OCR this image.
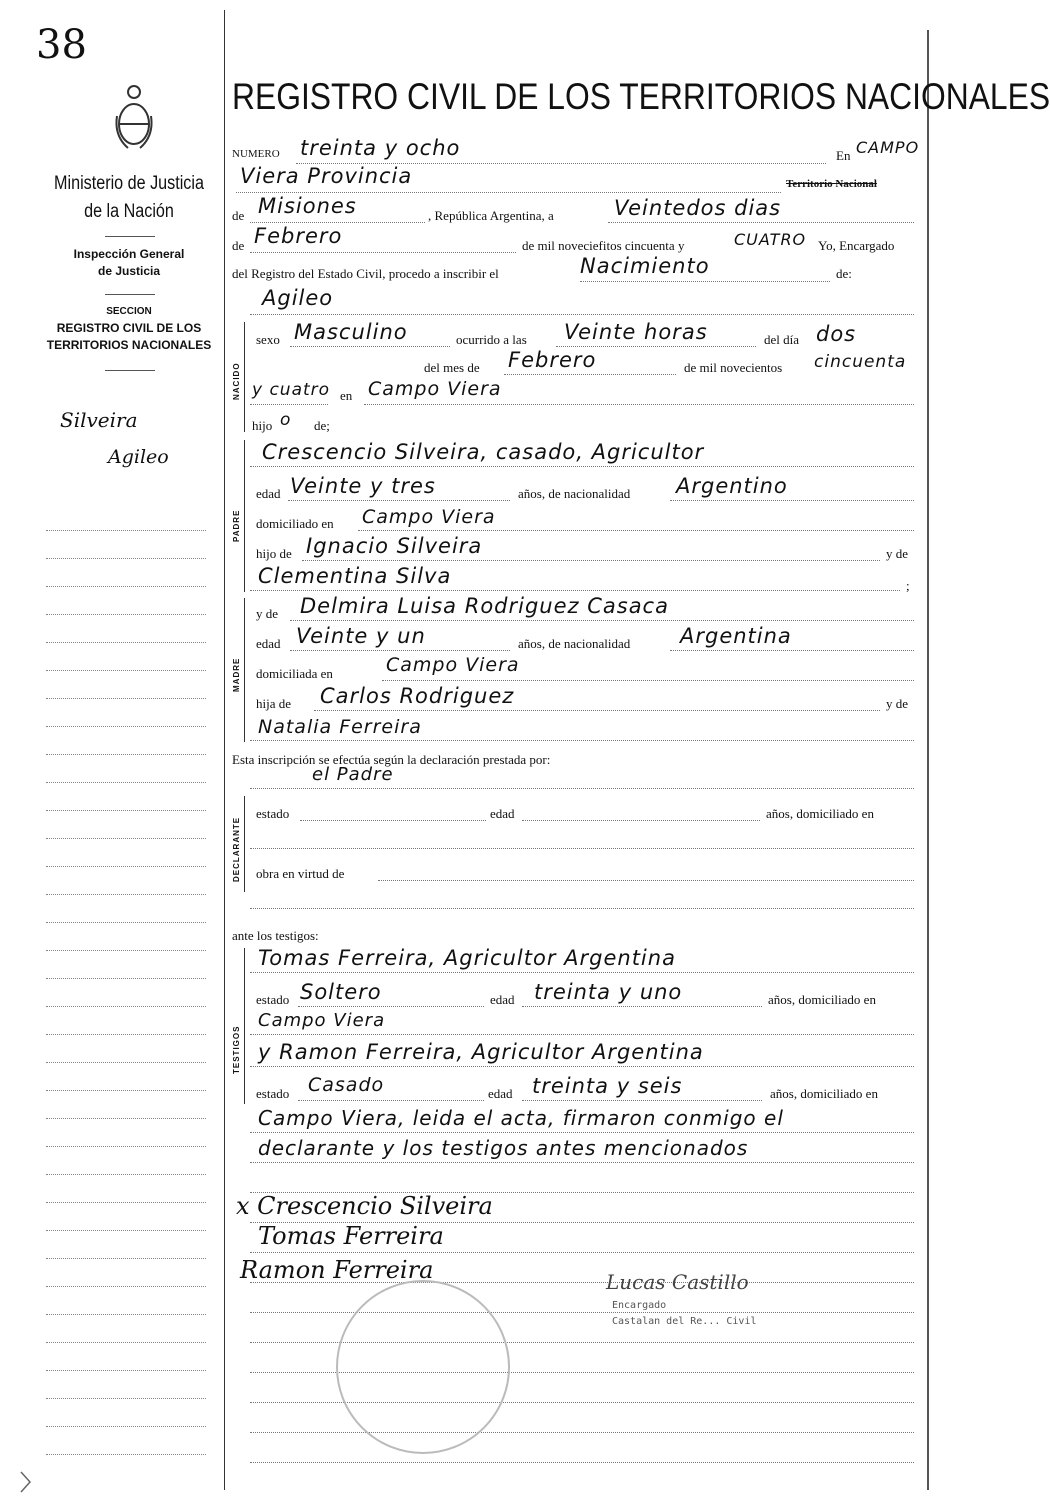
38
Ministerio de Justicia
de la Nación
Inspección General
de Justicia
SECCION
REGISTRO CIVIL DE LOS
TERRITORIOS NACIONALES
Silveira
Agileo
REGISTRO CIVIL DE LOS TERRITORIOS NACIONALES
NUMERO treinta y ocho	En CAMPO
Viera Provincia	Territorio Nacional
de Misiones	, República Argentina, a	Veintedos dias
de Febrero	de mil noveciefitos cincuenta y	CUATRO Yo, Encargado
del Registro del Estado Civil, procedo a inscribir el	Nacimiento	de:
Agileo
NACIDO
sexo Masculino	ocurrido a las Veinte horas	del día dos
del mes de Febrero	de mil novecientos cincuenta
y cuatro en Campo Viera
hijo o de;
PADRE
Crescencio Silveira, casado, Agricultor
edad Veinte y tres	años, de nacionalidad Argentino
domiciliado en Campo Viera
hijo de Ignacio Silveira	y de
Clementina Silva	;
MADRE
y de Delmira Luisa Rodriguez Casaca
edad Veinte y un	años, de nacionalidad Argentina
domiciliada en	Campo Viera
hija de Carlos Rodriguez	y de
Natalia Ferreira
Esta inscripción se efectúa según la declaración prestada por:
el Padre
DECLARANTE
estado	edad	años, domiciliado en
obra en virtud de
ante los testigos:
TESTIGOS
Tomas Ferreira, Agricultor Argentina
estado Soltero	edad treinta y uno	años, domiciliado en
Campo Viera
y Ramon Ferreira, Agricultor Argentina
estado Casado	edad treinta y seis	años, domiciliado en
Campo Viera, leida el acta, firmaron conmigo el
declarante y los testigos antes mencionados
x Crescencio Silveira
Tomas Ferreira
Ramon Ferreira	Lucas Castillo
Encargado
Castalan del Re... Civil
